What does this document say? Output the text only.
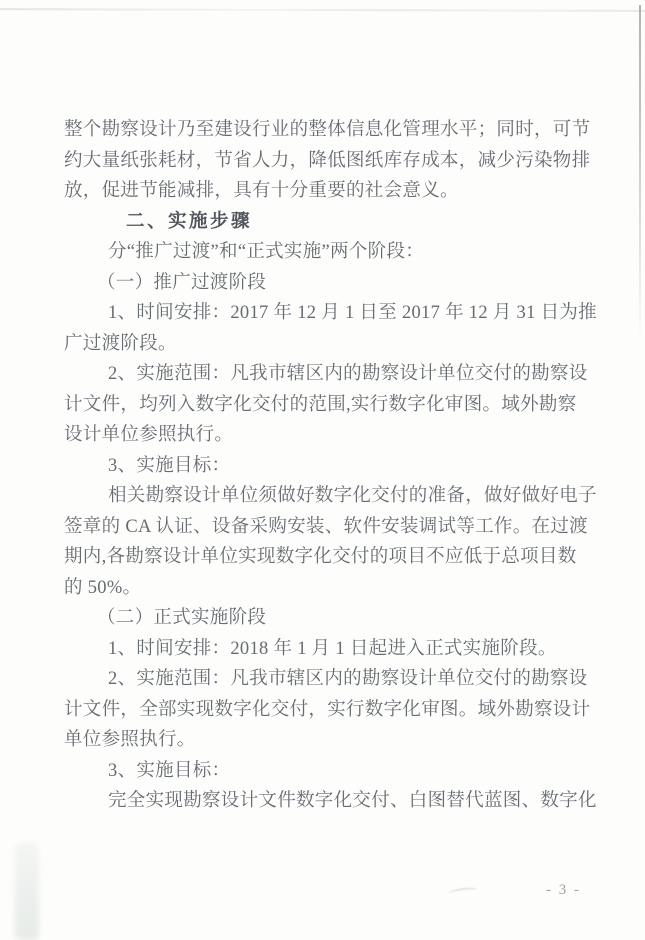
整个勘察设计乃至建设行业的整体信息化管理水平；同时，可节
约大量纸张耗材，节省人力，降低图纸库存成本，减少污染物排
放，促进节能减排，具有十分重要的社会意义。
二、实施步骤
分“推广过渡”和“正式实施”两个阶段：
（一）推广过渡阶段
1、时间安排：2017 年 12 月 1 日至 2017 年 12 月 31 日为推
广过渡阶段。
2、实施范围：凡我市辖区内的勘察设计单位交付的勘察设
计文件，均列入数字化交付的范围,实行数字化审图。域外勘察
设计单位参照执行。
3、实施目标：
相关勘察设计单位须做好数字化交付的准备，做好做好电子
签章的 CA 认证、设备采购安装、软件安装调试等工作。在过渡
期内,各勘察设计单位实现数字化交付的项目不应低于总项目数
的 50%。
（二）正式实施阶段
1、时间安排：2018 年 1 月 1 日起进入正式实施阶段。
2、实施范围：凡我市辖区内的勘察设计单位交付的勘察设
计文件，全部实现数字化交付，实行数字化审图。域外勘察设计
单位参照执行。
3、实施目标：
完全实现勘察设计文件数字化交付、白图替代蓝图、数字化
- 3 -
